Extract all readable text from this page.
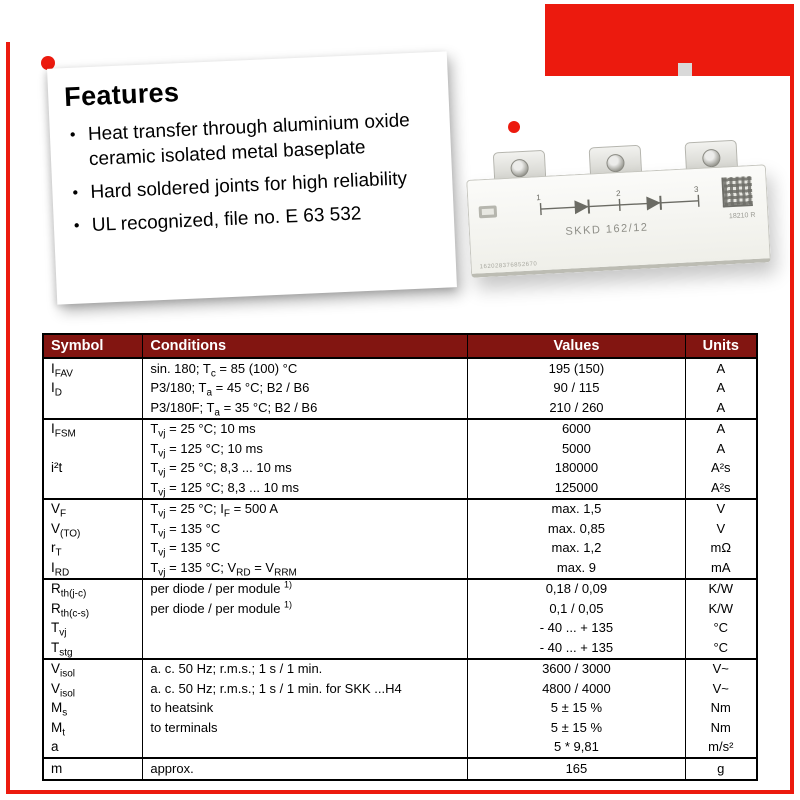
Features
• Heat transfer through aluminium oxide ceramic isolated metal baseplate
• Hard soldered joints for high reliability
• UL recognized, file no. E 63 532
1	2	3
SKKD 162/12
18210 R
162028376852670
Symbol	Conditions	Values	Units
$I_{FAV}$	sin. 180; $T_c = 85$ (100) °C	195 (150)	A
$I_D$	P3/180; $T_a = 45$ °C; B2 / B6	90 / 115	A
	P3/180F; $T_a = 35$ °C; B2 / B6	210 / 260	A
$I_{FSM}$	$T_{vj} = 25$ °C; 10 ms	6000	A
	$T_{vj} = 125$ °C; 10 ms	5000	A
i²t	$T_{vj} = 25$ °C; 8,3 ... 10 ms	180000	A²s
	$T_{vj} = 125$ °C; 8,3 ... 10 ms	125000	A²s
$V_F$	$T_{vj} = 25$ °C; $I_F = 500$ A	max. 1,5	V
$V_{(TO)}$	$T_{vj} = 135$ °C	max. 0,85	V
$r_T$	$T_{vj} = 135$ °C	max. 1,2	mΩ
$I_{RD}$	$T_{vj} = 135$ °C; $V_{RD} = V_{RRM}$	max. 9	mA
$R_{th(j-c)}$	per diode / per module $^{1)}$	0,18 / 0,09	K/W
$R_{th(c-s)}$	per diode / per module $^{1)}$	0,1 / 0,05	K/W
$T_{vj}$		- 40 ... + 135	°C
$T_{stg}$		- 40 ... + 135	°C
$V_{isol}$	a. c. 50 Hz; r.m.s.; 1 s / 1 min.	3600 / 3000	V~
$V_{isol}$	a. c. 50 Hz; r.m.s.; 1 s / 1 min. for SKK ...H4	4800 / 4000	V~
$M_s$	to heatsink	5 ± 15 %	Nm
$M_t$	to terminals	5 ± 15 %	Nm
a		5 * 9,81	m/s²
m	approx.	165	g
